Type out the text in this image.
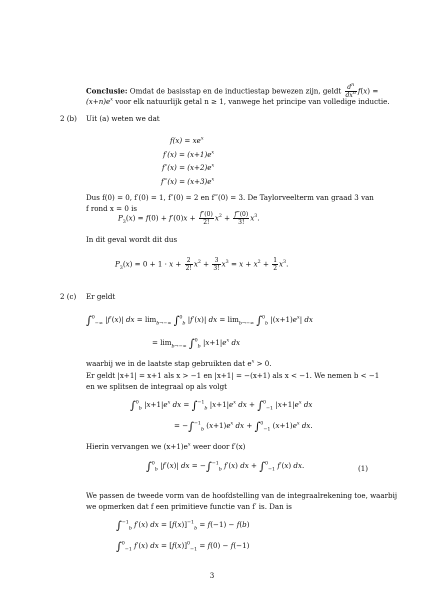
Conclusie: Omdat de basisstap en de inductiestap bewezen zijn, geldt $\frac{d^n}{dx^n} f(x)$ =
$(x+n)e^x$ voor elk natuurlijk getal n ≥ 1, vanwege het principe van volledige inductie.
2 (b) Uit (a) weten we dat
$f(x) = xe^x$
$f'(x) = (x+1)e^x$
$f''(x) = (x+2)e^x$
f‴(x) = $(x+3)e^x$
Dus f(0) = 0, f′(0) = 1, f″(0) = 2 en f‴(0) = 3. De Taylorveelterm van graad 3 van
f rond x = 0 is
$P_3(x) = f(0) + f'(0)x + \frac{f''(0)}{2!} x^2 + \frac{f‴(0)}{3!} x^3$.
In dit geval wordt dit dus
$P_3(x) = 0 + 1 \cdot x + \frac{2}{2!} x^2 + \frac{3}{3!} x^3 = x + x^2 + \frac{1}{2} x^3$.
2 (c) Er geldt
∫$^0_{-\infty}$ |f′(x)| dx = $\lim_{b\to-\infty} \int^0_b$ |f′(x)| dx = $\lim_{b\to-\infty} \int^0_b$ $|(x+1)e^x|$ dx
= $\lim_{b\to-\infty} \int^0_b$ $|x+1|e^x$ dx
waarbij we in de laatste stap gebruikten dat $e^x > 0$.
Er geldt |x+1| = x+1 als x > −1 en |x+1| = −(x+1) als x < −1. We nemen b < −1
en we splitsen de integraal op als volgt
∫$^0_b$ $|x+1|e^x$ dx = ∫$^{-1}_b$ $|x+1|e^x$ dx + ∫$^0_{-1}$ $|x+1|e^x$ dx
= −∫$^{-1}_b$ $(x+1)e^x$ dx + ∫$^0_{-1}$ $(x+1)e^x$ dx.
Hierin vervangen we $(x+1)e^x$ weer door f′(x)
∫$^0_b$ |f′(x)| dx = −∫$^{-1}_b$ f′(x) dx + ∫$^0_{-1}$ f′(x) dx.	(1)
We passen de tweede vorm van de hoofdstelling van de integraalrekening toe, waarbij
we opmerken dat f een primitieve functie van f′ is. Dan is
∫$^{-1}_b$ f′(x) dx = $[f(x)]^{-1}_b = f(-1) - f(b)$
∫$^0_{-1}$ f′(x) dx = $[f(x)]^0_{-1} = f(0) - f(-1)$
3
